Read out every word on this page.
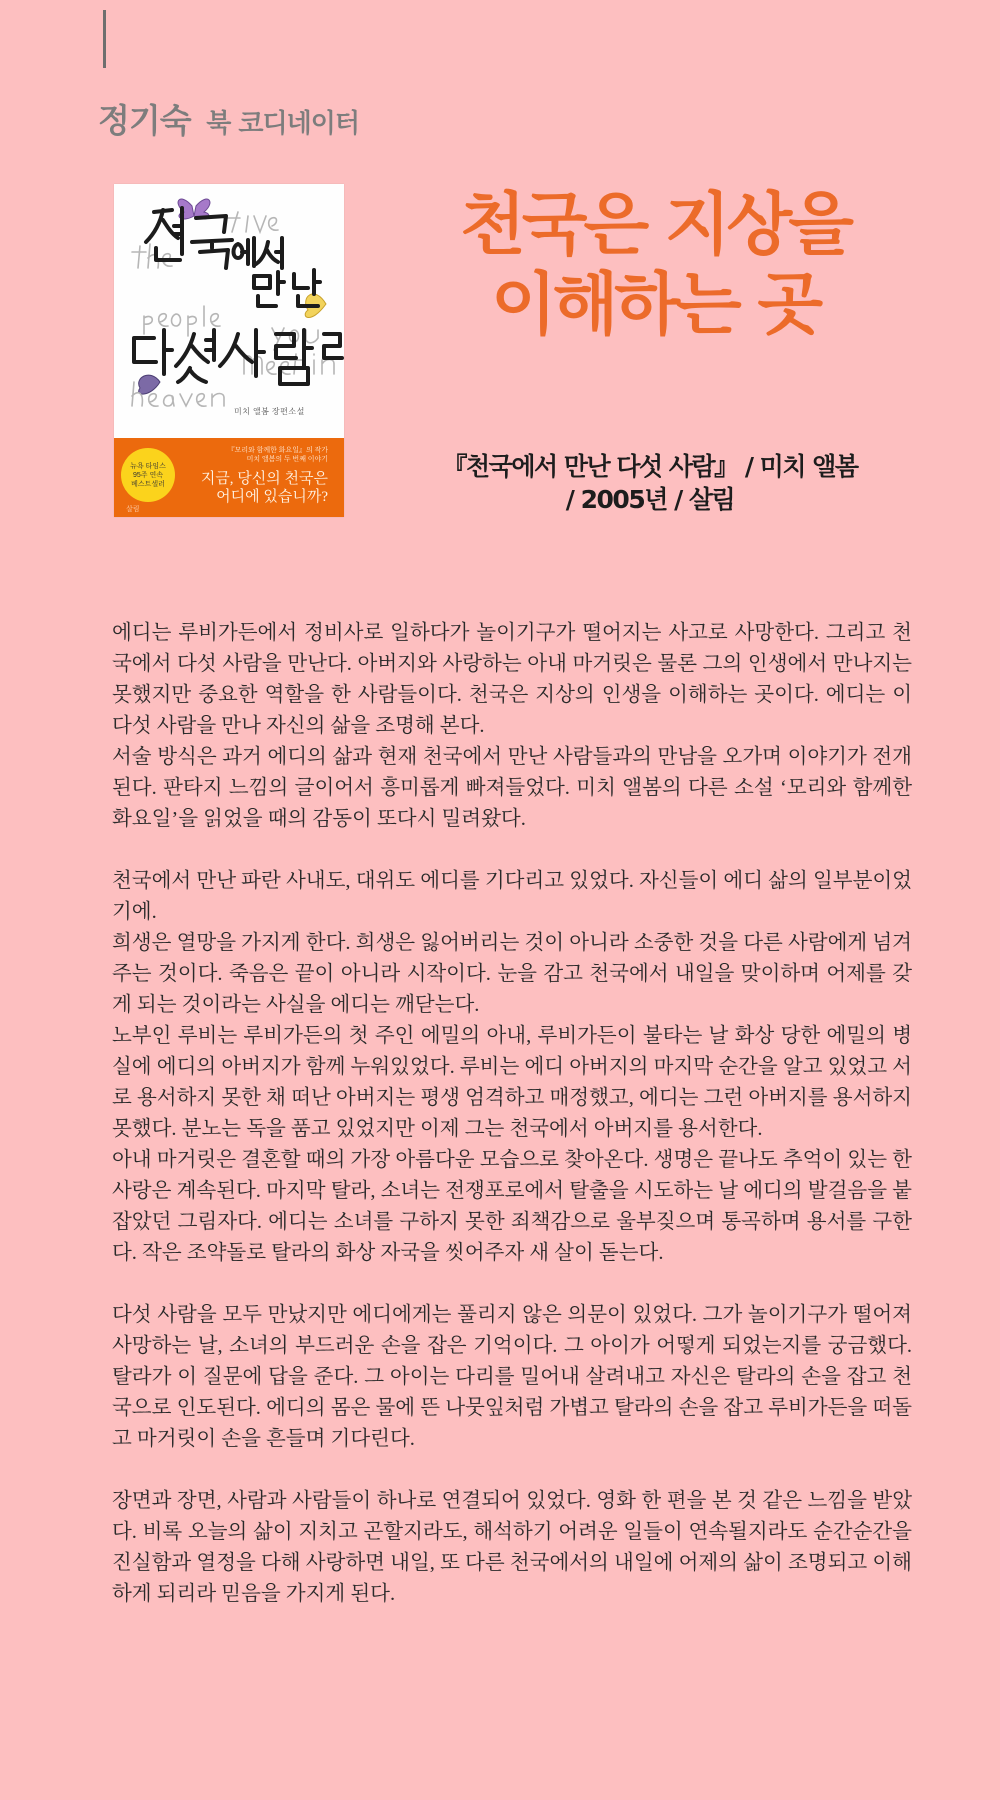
정기숙 북 코디네이터
미치 앨봄 장편소설
뉴욕 타임스
95주 연속
베스트셀러
『모리와 함께한 화요일』의 작가
미치 앨봄의 두 번째 이야기
지금, 당신의 천국은
어디에 있습니까?
살림
천국은 지상을
이해하는 곳
『천국에서 만난 다섯 사람』 / 미치 앨봄
/ 2005년 / 살림

에디는 루비가든에서 정비사로 일하다가 놀이기구가 떨어지는 사고로 사망한다. 그리고 천국에서 다섯 사람을 만난다. 아버지와 사랑하는 아내 마거릿은 물론 그의 인생에서 만나지는 못했지만 중요한 역할을 한 사람들이다. 천국은 지상의 인생을 이해하는 곳이다. 에디는 이 다섯 사람을 만나 자신의 삶을 조명해 본다.

서술 방식은 과거 에디의 삶과 현재 천국에서 만난 사람들과의 만남을 오가며 이야기가 전개된다. 판타지 느낌의 글이어서 흥미롭게 빠져들었다. 미치 앨봄의 다른 소설 ‘모리와 함께한 화요일’을 읽었을 때의 감동이 또다시 밀려왔다.

천국에서 만난 파란 사내도, 대위도 에디를 기다리고 있었다. 자신들이 에디 삶의 일부분이었기에.

희생은 열망을 가지게 한다. 희생은 잃어버리는 것이 아니라 소중한 것을 다른 사람에게 넘겨주는 것이다. 죽음은 끝이 아니라 시작이다. 눈을 감고 천국에서 내일을 맞이하며 어제를 갖게 되는 것이라는 사실을 에디는 깨닫는다.

노부인 루비는 루비가든의 첫 주인 에밀의 아내, 루비가든이 불타는 날 화상 당한 에밀의 병실에 에디의 아버지가 함께 누워있었다. 루비는 에디 아버지의 마지막 순간을 알고 있었고 서로 용서하지 못한 채 떠난 아버지는 평생 엄격하고 매정했고, 에디는 그런 아버지를 용서하지 못했다. 분노는 독을 품고 있었지만 이제 그는 천국에서 아버지를 용서한다.

아내 마거릿은 결혼할 때의 가장 아름다운 모습으로 찾아온다. 생명은 끝나도 추억이 있는 한 사랑은 계속된다. 마지막 탈라, 소녀는 전쟁포로에서 탈출을 시도하는 날 에디의 발걸음을 붙잡았던 그림자다. 에디는 소녀를 구하지 못한 죄책감으로 울부짖으며 통곡하며 용서를 구한다. 작은 조약돌로 탈라의 화상 자국을 씻어주자 새 살이 돋는다.

다섯 사람을 모두 만났지만 에디에게는 풀리지 않은 의문이 있었다. 그가 놀이기구가 떨어져 사망하는 날, 소녀의 부드러운 손을 잡은 기억이다. 그 아이가 어떻게 되었는지를 궁금했다. 탈라가 이 질문에 답을 준다. 그 아이는 다리를 밀어내 살려내고 자신은 탈라의 손을 잡고 천국으로 인도된다. 에디의 몸은 물에 뜬 나뭇잎처럼 가볍고 탈라의 손을 잡고 루비가든을 떠돌고 마거릿이 손을 흔들며 기다린다.

장면과 장면, 사람과 사람들이 하나로 연결되어 있었다. 영화 한 편을 본 것 같은 느낌을 받았다. 비록 오늘의 삶이 지치고 곤할지라도, 해석하기 어려운 일들이 연속될지라도 순간순간을 진실함과 열정을 다해 사랑하면 내일, 또 다른 천국에서의 내일에 어제의 삶이 조명되고 이해하게 되리라 믿음을 가지게 된다.
